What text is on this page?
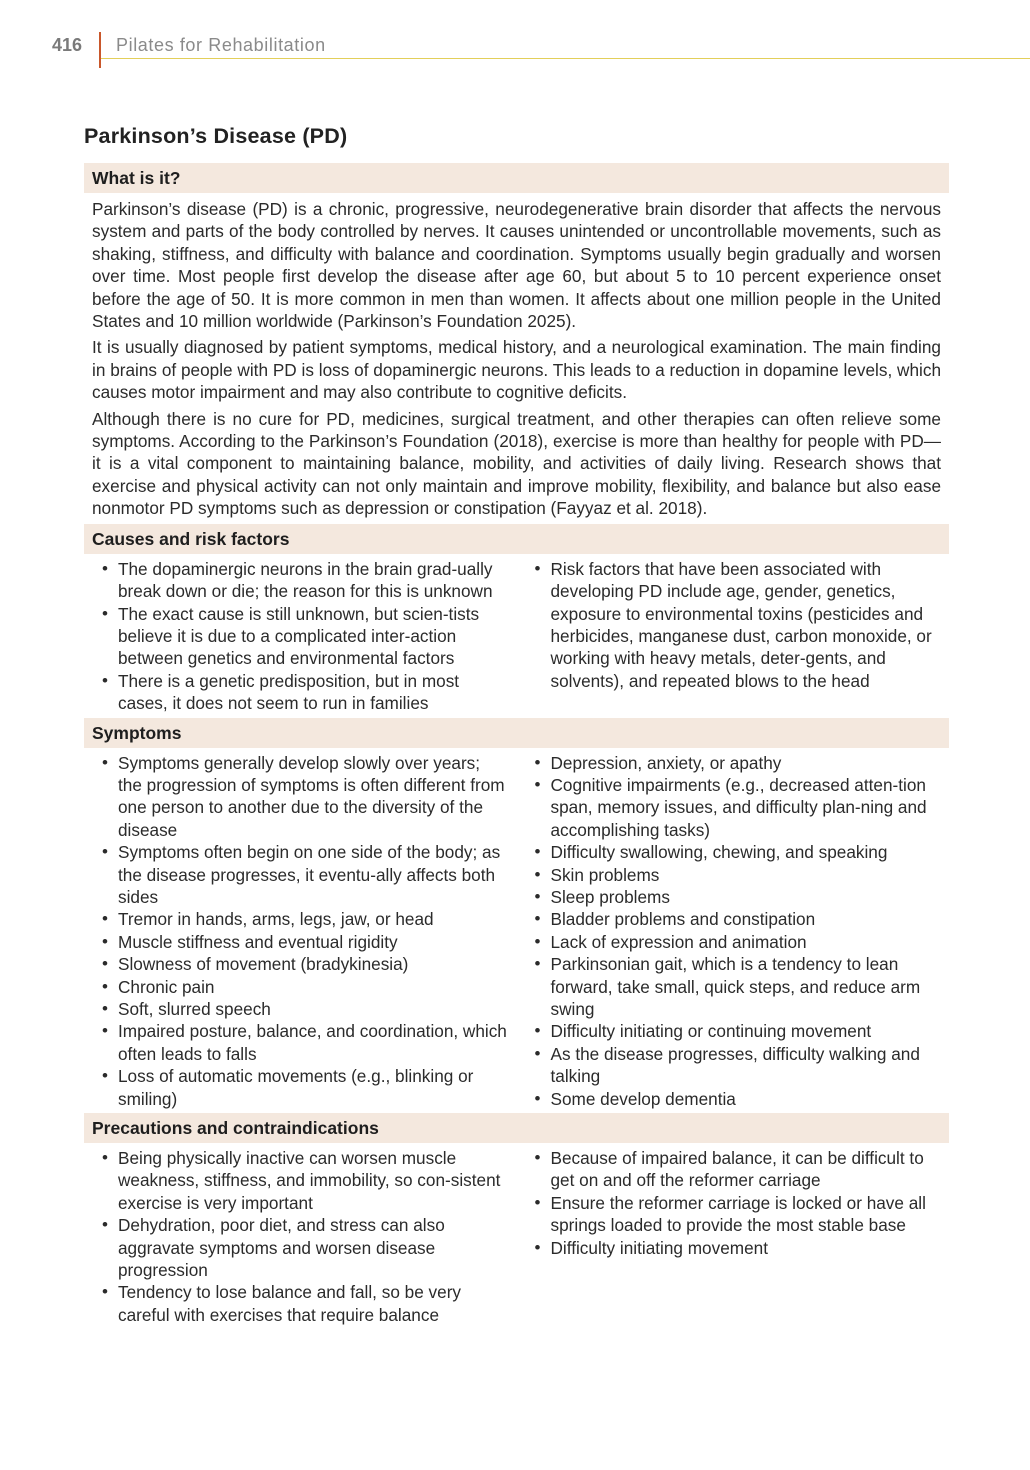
416 Pilates for Rehabilitation
Parkinson’s Disease (PD)
What is it?

Parkinson’s disease (PD) is a chronic, progressive, neurodegenerative brain disorder that affects the nervous system and parts of the body controlled by nerves. It causes unintended or uncontrollable movements, such as shaking, stiffness, and difficulty with balance and coordination. Symptoms usually begin gradually and worsen over time. Most people first develop the disease after age 60, but about 5 to 10 percent experience onset before the age of 50. It is more common in men than women. It affects about one million people in the United States and 10 million worldwide (Parkinson’s Foundation 2025).

It is usually diagnosed by patient symptoms, medical history, and a neurological examination. The main finding in brains of people with PD is loss of dopaminergic neurons. This leads to a reduction in dopamine levels, which causes motor impairment and may also contribute to cognitive deficits.

Although there is no cure for PD, medicines, surgical treatment, and other therapies can often relieve some symptoms. According to the Parkinson’s Foundation (2018), exercise is more than healthy for people with PD—it is a vital component to maintaining balance, mobility, and activities of daily living. Research shows that exercise and physical activity can not only maintain and improve mobility, flexibility, and balance but also ease nonmotor PD symptoms such as depression or constipation (Fayyaz et al. 2018).

Causes and risk factors
• The dopaminergic neurons in the brain grad-ually break down or die; the reason for this is unknown
• The exact cause is still unknown, but scien-tists believe it is due to a complicated inter-action between genetics and environmental factors
• There is a genetic predisposition, but in most cases, it does not seem to run in families
• Risk factors that have been associated with developing PD include age, gender, genetics, exposure to environmental toxins (pesticides and herbicides, manganese dust, carbon monoxide, or working with heavy metals, deter-gents, and solvents), and repeated blows to the head
Symptoms
• Symptoms generally develop slowly over years; the progression of symptoms is often different from one person to another due to the diversity of the disease
• Symptoms often begin on one side of the body; as the disease progresses, it eventu-ally affects both sides
• Tremor in hands, arms, legs, jaw, or head
• Muscle stiffness and eventual rigidity
• Slowness of movement (bradykinesia)
• Chronic pain
• Soft, slurred speech
• Impaired posture, balance, and coordination, which often leads to falls
• Loss of automatic movements (e.g., blinking or smiling)
• Depression, anxiety, or apathy
• Cognitive impairments (e.g., decreased atten-tion span, memory issues, and difficulty plan-ning and accomplishing tasks)
• Difficulty swallowing, chewing, and speaking
• Skin problems
• Sleep problems
• Bladder problems and constipation
• Lack of expression and animation
• Parkinsonian gait, which is a tendency to lean forward, take small, quick steps, and reduce arm swing
• Difficulty initiating or continuing movement
• As the disease progresses, difficulty walking and talking
• Some develop dementia
Precautions and contraindications
• Being physically inactive can worsen muscle weakness, stiffness, and immobility, so con-sistent exercise is very important
• Dehydration, poor diet, and stress can also aggravate symptoms and worsen disease progression
• Tendency to lose balance and fall, so be very careful with exercises that require balance
• Because of impaired balance, it can be difficult to get on and off the reformer carriage
• Ensure the reformer carriage is locked or have all springs loaded to provide the most stable base
• Difficulty initiating movement
